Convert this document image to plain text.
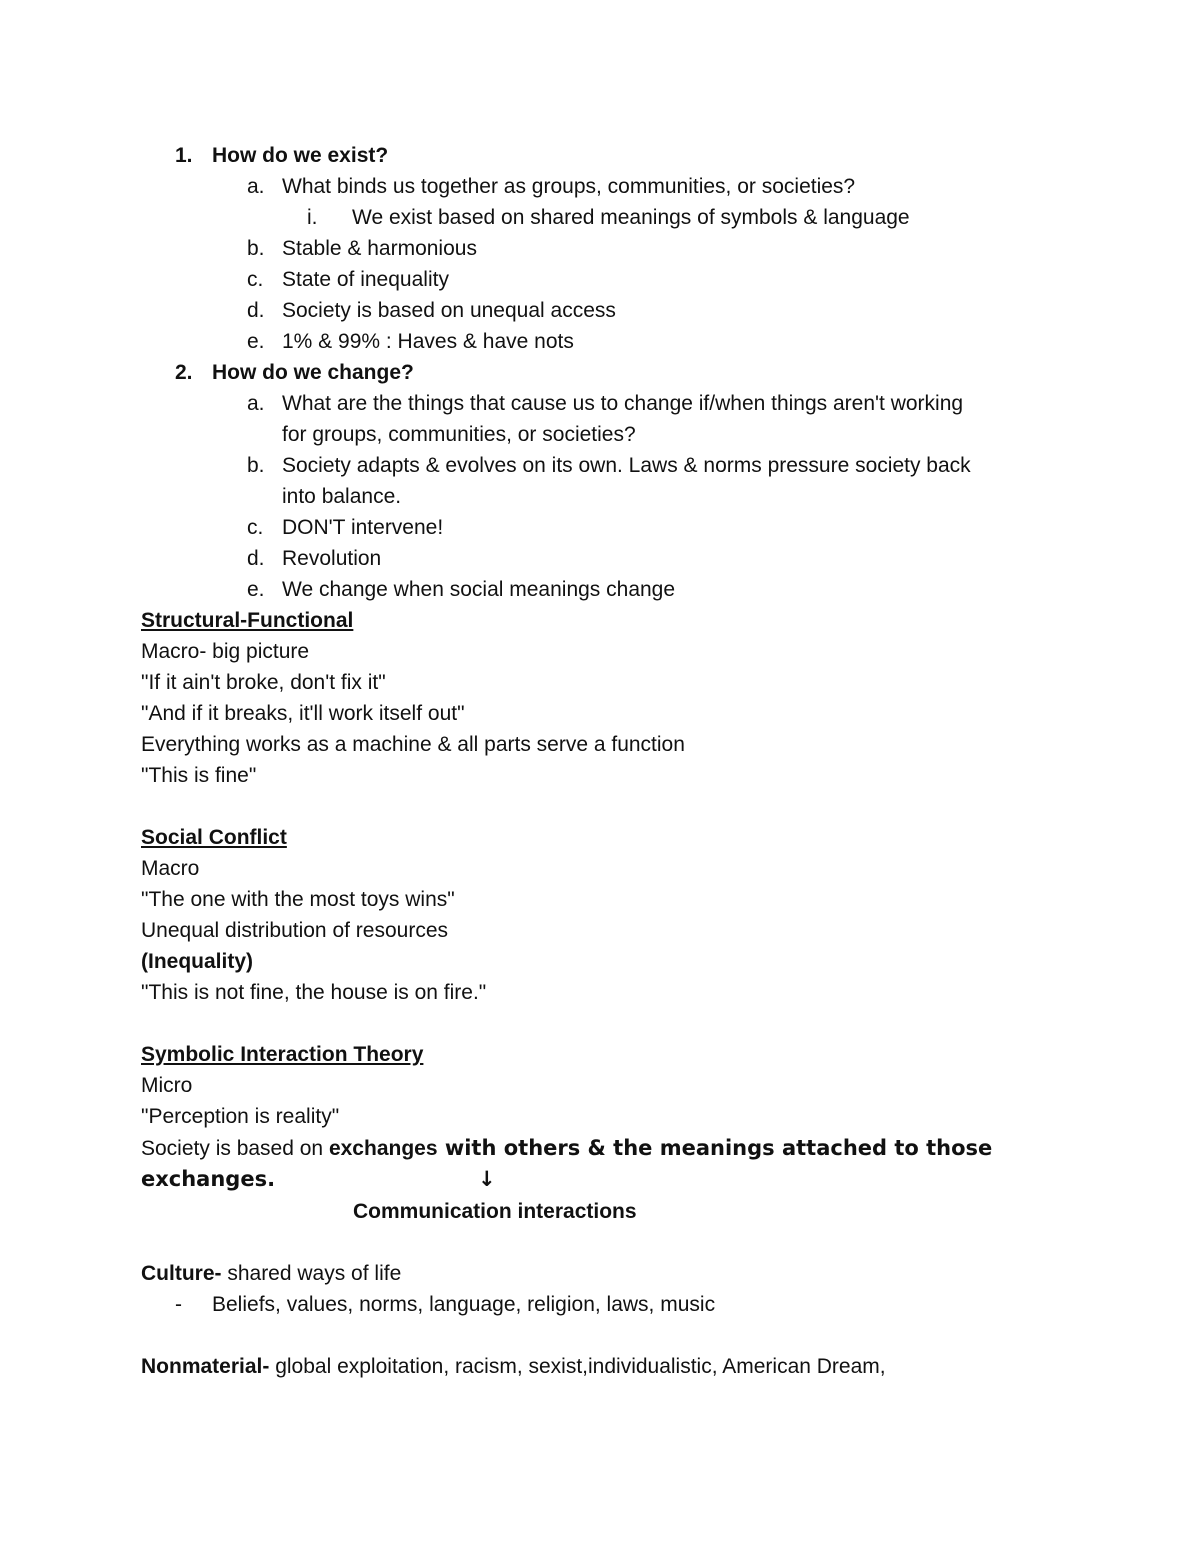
1. How do we exist?
a. What binds us together as groups, communities, or societies?
i. We exist based on shared meanings of symbols & language
b. Stable & harmonious
c. State of inequality
d. Society is based on unequal access
e. 1% & 99% : Haves & have nots
2. How do we change?
a. What are the things that cause us to change if/when things aren't working
for groups, communities, or societies?
b. Society adapts & evolves on its own. Laws & norms pressure society back
into balance.
c. DON'T intervene!
d. Revolution
e. We change when social meanings change
Structural-Functional
Macro- big picture
"If it ain't broke, don't fix it"
"And if it breaks, it'll work itself out"
Everything works as a machine & all parts serve a function
"This is fine"
Social Conflict
Macro
"The one with the most toys wins"
Unequal distribution of resources
(Inequality)
"This is not fine, the house is on fire."
Symbolic Interaction Theory
Micro
"Perception is reality"
Society is based on exchanges with others & the meanings attached to those
exchanges.	↓
Communication interactions
Culture- shared ways of life
- Beliefs, values, norms, language, religion, laws, music
Nonmaterial- global exploitation, racism, sexist,individualistic, American Dream,
